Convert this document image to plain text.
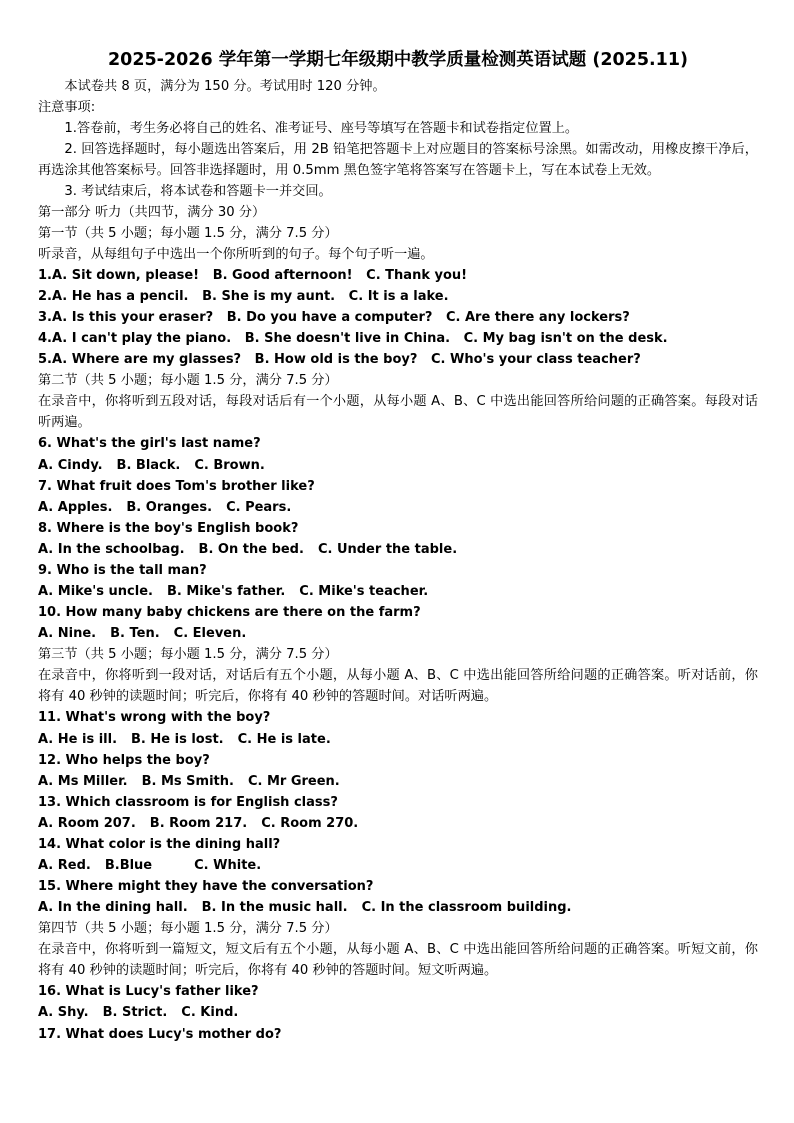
2025-2026 学年第一学期七年级期中教学质量检测英语试题 (2025.11)
本试卷共 8 页，满分为 150 分。考试用时 120 分钟。
注意事项:
1.答卷前，考生务必将自己的姓名、准考证号、座号等填写在答题卡和试卷指定位置上。
2. 回答选择题时，每小题选出答案后，用 2B 铅笔把答题卡上对应题目的答案标号涂黑。如需改动，用橡皮擦干净后，再选涂其他答案标号。回答非选择题时，用 0.5mm 黑色签字笔将答案写在答题卡上，写在本试卷上无效。
3. 考试结束后，将本试卷和答题卡一并交回。
第一部分 听力（共四节，满分 30 分）
第一节（共 5 小题；每小题 1.5 分，满分 7.5 分）
听录音，从每组句子中选出一个你所听到的句子。每个句子听一遍。
1.A. Sit down, please!   B. Good afternoon!   C. Thank you!
2.A. He has a pencil.   B. She is my aunt.   C. It is a lake.
3.A. Is this your eraser?   B. Do you have a computer?   C. Are there any lockers?
4.A. I can't play the piano.   B. She doesn't live in China.   C. My bag isn't on the desk.
5.A. Where are my glasses?   B. How old is the boy?   C. Who's your class teacher?
第二节（共 5 小题；每小题 1.5 分，满分 7.5 分）
在录音中，你将听到五段对话，每段对话后有一个小题，从每小题 A、B、C 中选出能回答所给问题的正确答案。每段对话听两遍。
6. What's the girl's last name?
A. Cindy. B. Black. C. Brown.
7. What fruit does Tom's brother like?
A. Apples. B. Oranges. C. Pears.
8. Where is the boy's English book?
A. In the schoolbag. B. On the bed. C. Under the table.
9. Who is the tall man?
A. Mike's uncle. B. Mike's father. C. Mike's teacher.
10. How many baby chickens are there on the farm?
A. Nine. B. Ten. C. Eleven.
第三节（共 5 小题；每小题 1.5 分，满分 7.5 分）
在录音中，你将听到一段对话，对话后有五个小题，从每小题 A、B、C 中选出能回答所给问题的正确答案。听对话前，你将有 40 秒钟的读题时间；听完后，你将有 40 秒钟的答题时间。对话听两遍。
11. What's wrong with the boy?
A. He is ill. B. He is lost. C. He is late.
12. Who helps the boy?
A. Ms Miller. B. Ms Smith. C. Mr Green.
13. Which classroom is for English class?
A. Room 207. B. Room 217. C. Room 270.
14. What color is the dining hall?
A. Red. B.Blue	C. White.
15. Where might they have the conversation?
A. In the dining hall. B. In the music hall. C. In the classroom building.
第四节（共 5 小题；每小题 1.5 分，满分 7.5 分）
在录音中，你将听到一篇短文，短文后有五个小题，从每小题 A、B、C 中选出能回答所给问题的正确答案。听短文前，你将有 40 秒钟的读题时间；听完后，你将有 40 秒钟的答题时间。短文听两遍。
16. What is Lucy's father like?
A. Shy. B. Strict. C. Kind.
17. What does Lucy's mother do?
